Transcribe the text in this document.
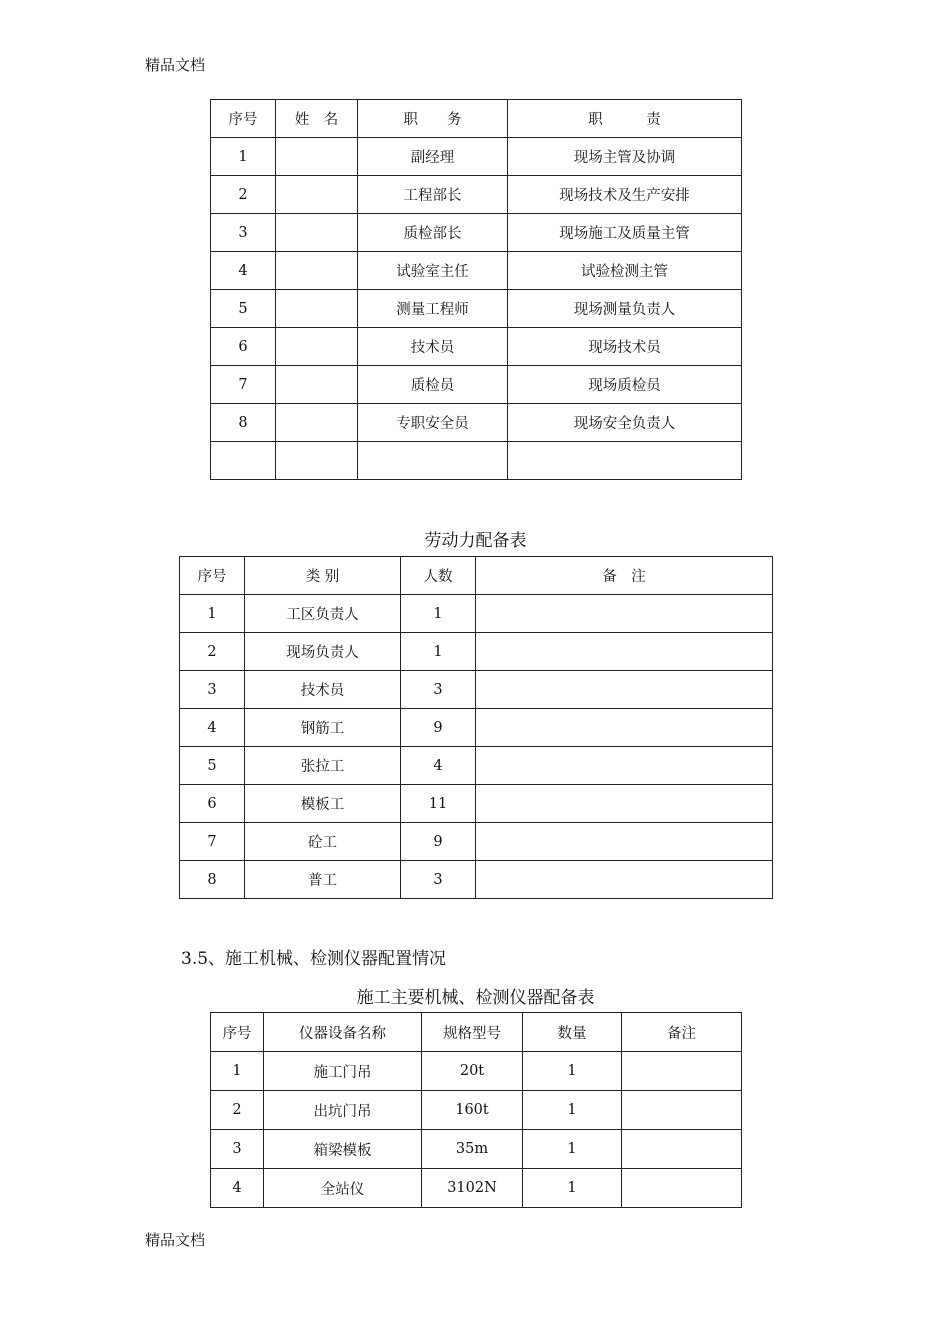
精品文档
序号	姓　名	职　　务	职　　　责
1		副经理	现场主管及协调
2		工程部长	现场技术及生产安排
3		质检部长	现场施工及质量主管
4		试验室主任	试验检测主管
5		测量工程师	现场测量负责人
6		技术员	现场技术员
7		质检员	现场质检员
8		专职安全员	现场安全负责人

劳动力配备表
序号	类 别	人数	备　注
1	工区负责人	1	
2	现场负责人	1	
3	技术员	3	
4	钢筋工	9	
5	张拉工	4	
6	模板工	11	
7	砼工	9	
8	普工	3	
3.5、施工机械、检测仪器配置情况
施工主要机械、检测仪器配备表
序号	仪器设备名称	规格型号	数量	备注
1	施工门吊	20t	1	
2	出坑门吊	160t	1	
3	箱梁模板	35m	1	
4	全站仪	3102N	1	
精品文档
